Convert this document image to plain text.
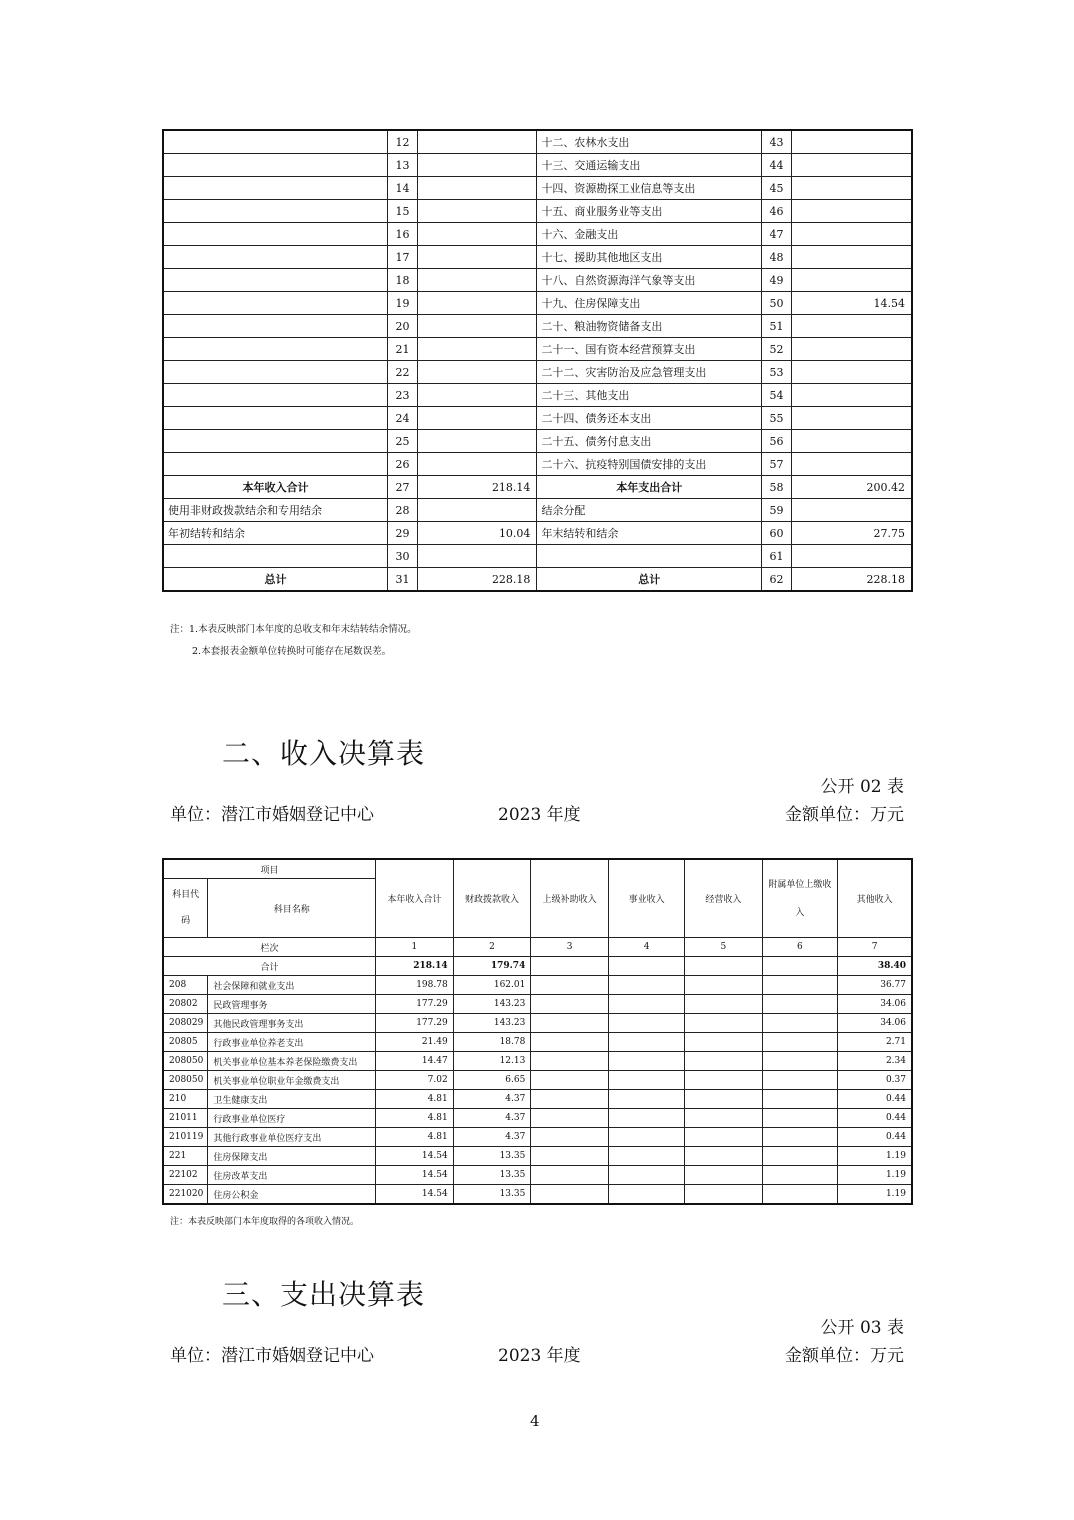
	12		十二、农林水支出	43	
	13		十三、交通运输支出	44	
	14		十四、资源勘探工业信息等支出	45	
	15		十五、商业服务业等支出	46	
	16		十六、金融支出	47	
	17		十七、援助其他地区支出	48	
	18		十八、自然资源海洋气象等支出	49	
	19		十九、住房保障支出	50	14.54
	20		二十、粮油物资储备支出	51	
	21		二十一、国有资本经营预算支出	52	
	22		二十二、灾害防治及应急管理支出	53	
	23		二十三、其他支出	54	
	24		二十四、债务还本支出	55	
	25		二十五、债务付息支出	56	
	26		二十六、抗疫特别国债安排的支出	57	
本年收入合计	27	218.14	本年支出合计	58	200.42
使用非财政拨款结余和专用结余	28		结余分配	59	
年初结转和结余	29	10.04	年末结转和结余	60	27.75
	30			61	
总计	31	228.18	总计	62	228.18
注：1.本表反映部门本年度的总收支和年末结转结余情况。
2.本套报表金额单位转换时可能存在尾数误差。
二、收入决算表
公开 02 表
单位：潜江市婚姻登记中心	2023 年度	金额单位：万元
项目		本年收入合计	财政拨款收入	上级补助收入	事业收入	经营收入	附属单位上缴收入	其他收入
科目代码	科目名称							
栏次		1	2	3	4	5	6	7
合计		218.14	179.74					38.40
208	社会保障和就业支出	198.78	162.01					36.77
20802	民政管理事务	177.29	143.23					34.06
208029	其他民政管理事务支出	177.29	143.23					34.06
20805	行政事业单位养老支出	21.49	18.78					2.71
208050	机关事业单位基本养老保险缴费支出	14.47	12.13					2.34
208050	机关事业单位职业年金缴费支出	7.02	6.65					0.37
210	卫生健康支出	4.81	4.37					0.44
21011	行政事业单位医疗	4.81	4.37					0.44
210119	其他行政事业单位医疗支出	4.81	4.37					0.44
221	住房保障支出	14.54	13.35					1.19
22102	住房改革支出	14.54	13.35					1.19
221020	住房公积金	14.54	13.35					1.19
注：本表反映部门本年度取得的各项收入情况。
三、支出决算表
公开 03 表
单位：潜江市婚姻登记中心	2023 年度	金额单位：万元
4
